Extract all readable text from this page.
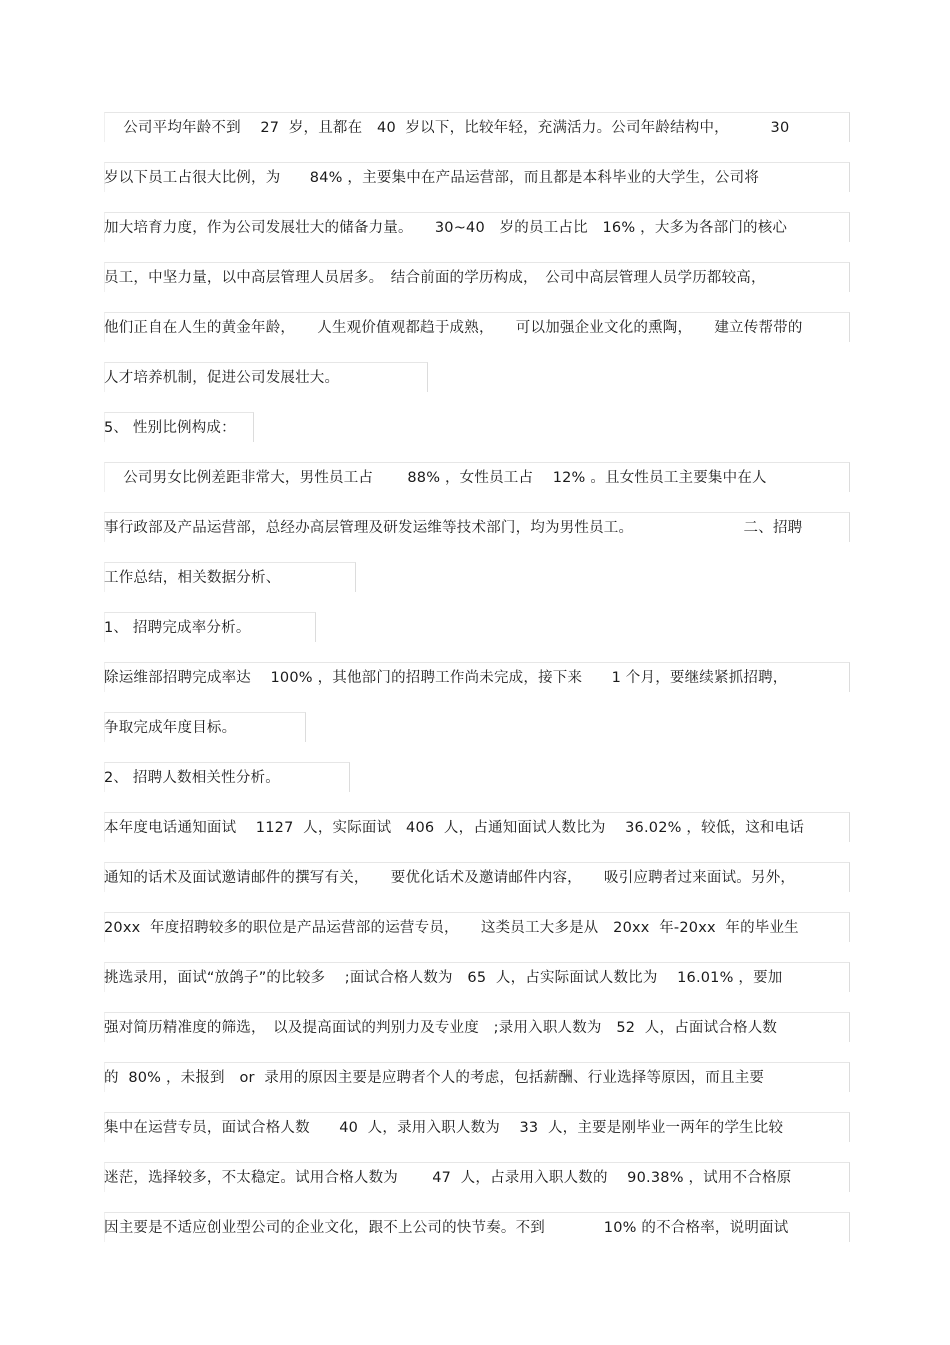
公司平均年龄不到　 27  岁，且都在　40  岁以下，比较年轻，充满活力。公司年龄结构中，　　　 30
岁以下员工占很大比例，为　　84% ，主要集中在产品运营部，而且都是本科毕业的大学生，公司将
加大培育力度，作为公司发展壮大的储备力量。　　30~40　岁的员工占比　16% ，大多为各部门的核心
员工，中坚力量，以中高层管理人员居多。　结合前面的学历构成，　公司中高层管理人员学历都较高，
他们正自在人生的黄金年龄，　　人生观价值观都趋于成熟，　　可以加强企业文化的熏陶，　　建立传帮带的
人才培养机制，促进公司发展壮大。
5、 性别比例构成：
公司男女比例差距非常大，男性员工占　　 88% ，女性员工占　 12% 。且女性员工主要集中在人
事行政部及产品运营部，总经办高层管理及研发运维等技术部门，均为男性员工。　　　　　　　　二、招聘
工作总结，相关数据分析、
1、 招聘完成率分析。
除运维部招聘完成率达　 100% ，其他部门的招聘工作尚未完成，接下来　　1 个月，要继续紧抓招聘，
争取完成年度目标。
2、 招聘人数相关性分析。
本年度电话通知面试　 1127  人，实际面试　406  人，占通知面试人数比为　 36.02% ，较低，这和电话
通知的话术及面试邀请邮件的撰写有关，　　要优化话术及邀请邮件内容，　　吸引应聘者过来面试。另外，
20xx  年度招聘较多的职位是产品运营部的运营专员，　　这类员工大多是从　20xx  年-20xx  年的毕业生
挑选录用，面试“放鸽子”的比较多　 ;面试合格人数为　65  人，占实际面试人数比为　 16.01% ，要加
强对简历精准度的筛选，　以及提高面试的判别力及专业度　;录用入职人数为　52  人，占面试合格人数
的  80% ，未报到　or  录用的原因主要是应聘者个人的考虑，包括薪酬、行业选择等原因，而且主要
集中在运营专员，面试合格人数　　40  人，录用入职人数为　 33  人，主要是刚毕业一两年的学生比较
迷茫，选择较多，不太稳定。试用合格人数为　　 47  人，占录用入职人数的　 90.38% ，试用不合格原
因主要是不适应创业型公司的企业文化，跟不上公司的快节奏。不到　　　　10% 的不合格率，说明面试
